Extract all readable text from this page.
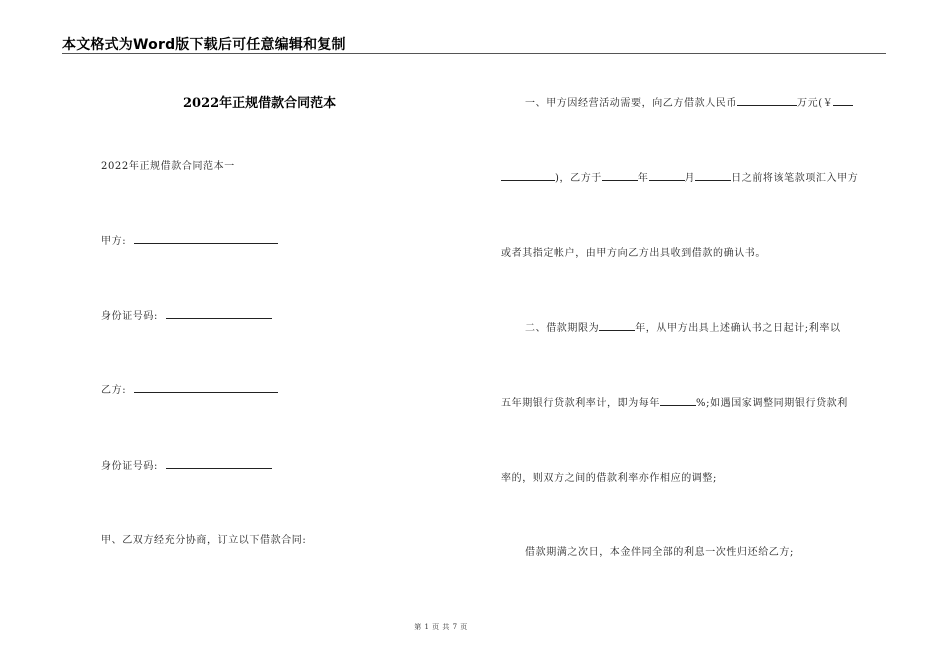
本文格式为Word版下载后可任意编辑和复制
2022年正规借款合同范本
2022年正规借款合同范本一
甲方:
身份证号码:
乙方:
身份证号码:
甲、乙双方经充分协商，订立以下借款合同:
一、甲方因经营活动需要，向乙方借款人民币	万元(￥
)，乙方于	年	月	日之前将该笔款项汇入甲方
或者其指定帐户，由甲方向乙方出具收到借款的确认书。
二、借款期限为	年，从甲方出具上述确认书之日起计;利率以
五年期银行贷款利率计，即为每年	%;如遇国家调整同期银行贷款利
率的，则双方之间的借款利率亦作相应的调整;
借款期满之次日，本金伴同全部的利息一次性归还给乙方;
第 1 页 共 7 页
